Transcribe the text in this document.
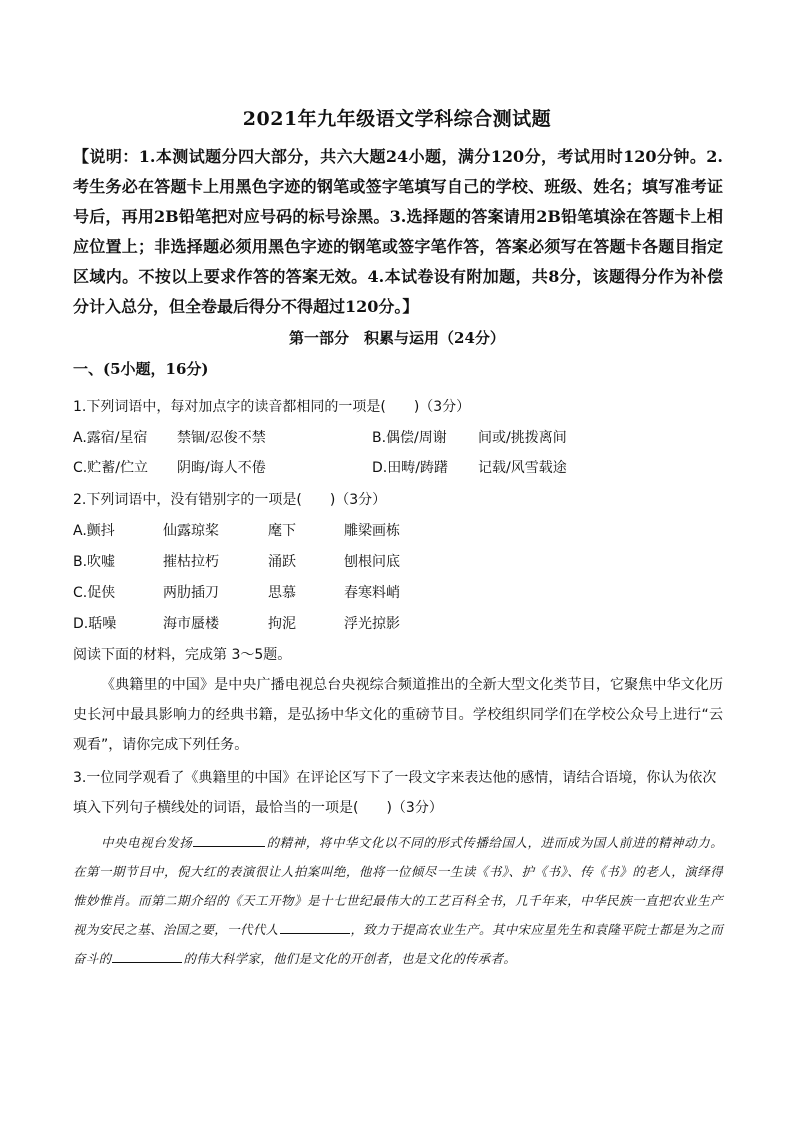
2021年九年级语文学科综合测试题

【说明：1.本测试题分四大部分，共六大题24小题，满分120分，考试用时120分钟。2.考生务必在答题卡上用黑色字迹的钢笔或签字笔填写自己的学校、班级、姓名；填写准考证号后，再用2B铅笔把对应号码的标号涂黑。3.选择题的答案请用2B铅笔填涂在答题卡上相应位置上；非选择题必须用黑色字迹的钢笔或签字笔作答，答案必须写在答题卡各题目指定区域内。不按以上要求作答的答案无效。4.本试卷设有附加题，共8分，该题得分作为补偿分计入总分，但全卷最后得分不得超过120分。】

第一部分　积累与运用（24分）
一、(5小题，16分)

1.下列词语中，每对加点字的读音都相同的一项是(　　)（3分）

A.露宿/星宿 禁锢/忍俊不禁	B.偶偿/周谢 间或/挑拨离间
C.贮蓄/伫立 阴晦/诲人不倦	D.田畴/踌躇 记载/风雪载途

2.下列词语中，没有错别字的一项是(　　)（3分）

A.颤抖	仙露琼桨	麾下	雕梁画栋
B.吹嘘	摧枯拉朽	涌跃	刨根问底
C.促侠	两肋插刀	思慕	春寒料峭
D.聒噪	海市蜃楼	拘泥	浮光掠影

阅读下面的材料，完成第 3～5题。

《典籍里的中国》是中央广播电视总台央视综合频道推出的全新大型文化类节目，它聚焦中华文化历史长河中最具影响力的经典书籍，是弘扬中华文化的重磅节目。学校组织同学们在学校公众号上进行“云观看”，请你完成下列任务。

3.一位同学观看了《典籍里的中国》在评论区写下了一段文字来表达他的感情，请结合语境，你认为依次填入下列句子横线处的词语，最恰当的一项是(　　)（3分）

中央电视台发扬	的精神，将中华文化以不同的形式传播给国人，进而成为国人前进的精神动力。在第一期节目中，倪大红的表演很让人拍案叫绝，他将一位倾尽一生读《书》、护《书》、传《书》的老人，演绎得惟妙惟肖。而第二期介绍的《天工开物》是十七世纪最伟大的工艺百科全书，几千年来，中华民族一直把农业生产视为安民之基、治国之要，一代代人	，致力于提高农业生产。其中宋应星先生和袁隆平院士都是为之而奋斗的	的伟大科学家，他们是文化的开创者，也是文化的传承者。
